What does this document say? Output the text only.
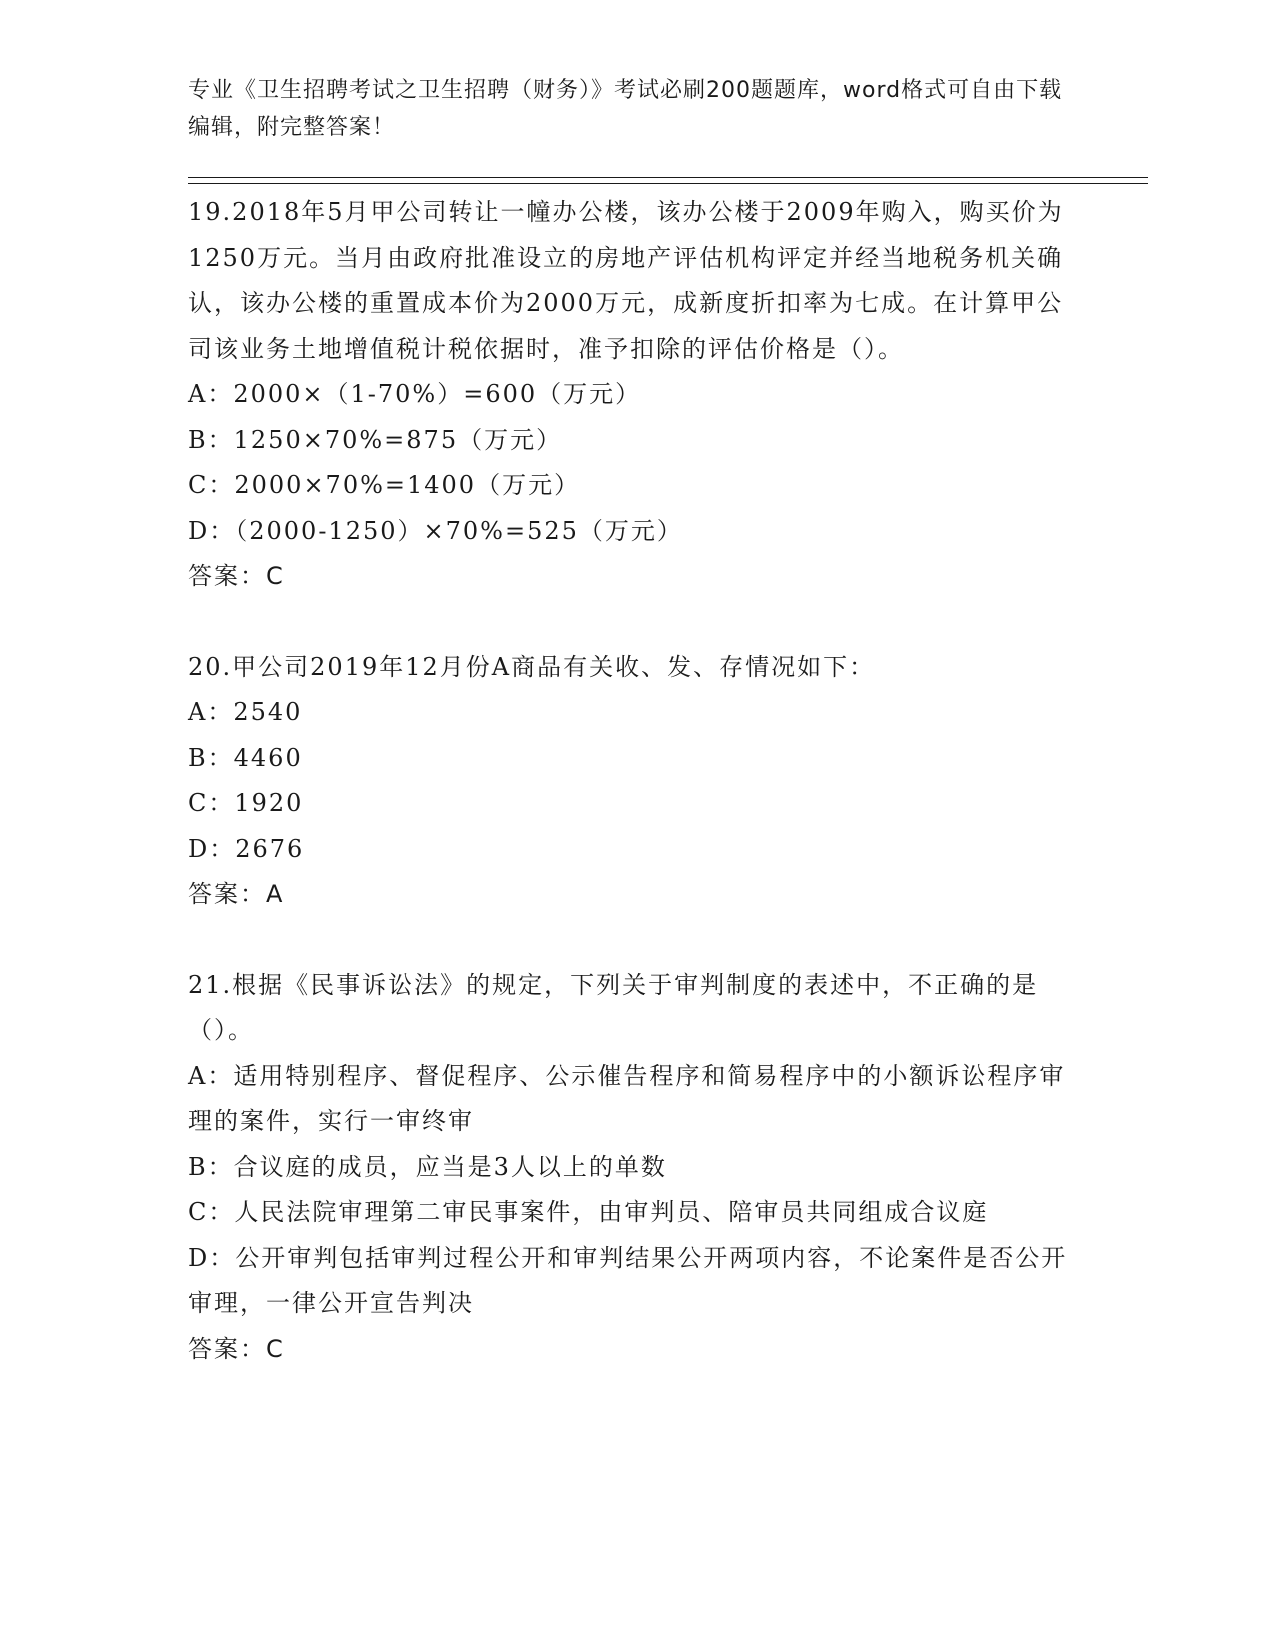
专业《卫生招聘考试之卫生招聘（财务）》考试必刷200题题库，word格式可自由下载编辑，附完整答案！

19.2018年5月甲公司转让一幢办公楼，该办公楼于2009年购入，购买价为1250万元。当月由政府批准设立的房地产评估机构评定并经当地税务机关确认，该办公楼的重置成本价为2000万元，成新度折扣率为七成。在计算甲公司该业务土地增值税计税依据时，准予扣除的评估价格是（）。

A：2000×（1-70%）=600（万元）

B：1250×70%=875（万元）

C：2000×70%=1400（万元）

D：（2000-1250）×70%=525（万元）

答案：C

20.甲公司2019年12月份A商品有关收、发、存情况如下：

A：2540

B：4460

C：1920

D：2676

答案：A

21.根据《民事诉讼法》的规定，下列关于审判制度的表述中，不正确的是（）。

A：适用特别程序、督促程序、公示催告程序和简易程序中的小额诉讼程序审理的案件，实行一审终审

B：合议庭的成员，应当是3人以上的单数

C：人民法院审理第二审民事案件，由审判员、陪审员共同组成合议庭

D：公开审判包括审判过程公开和审判结果公开两项内容，不论案件是否公开审理，一律公开宣告判决

答案：C
